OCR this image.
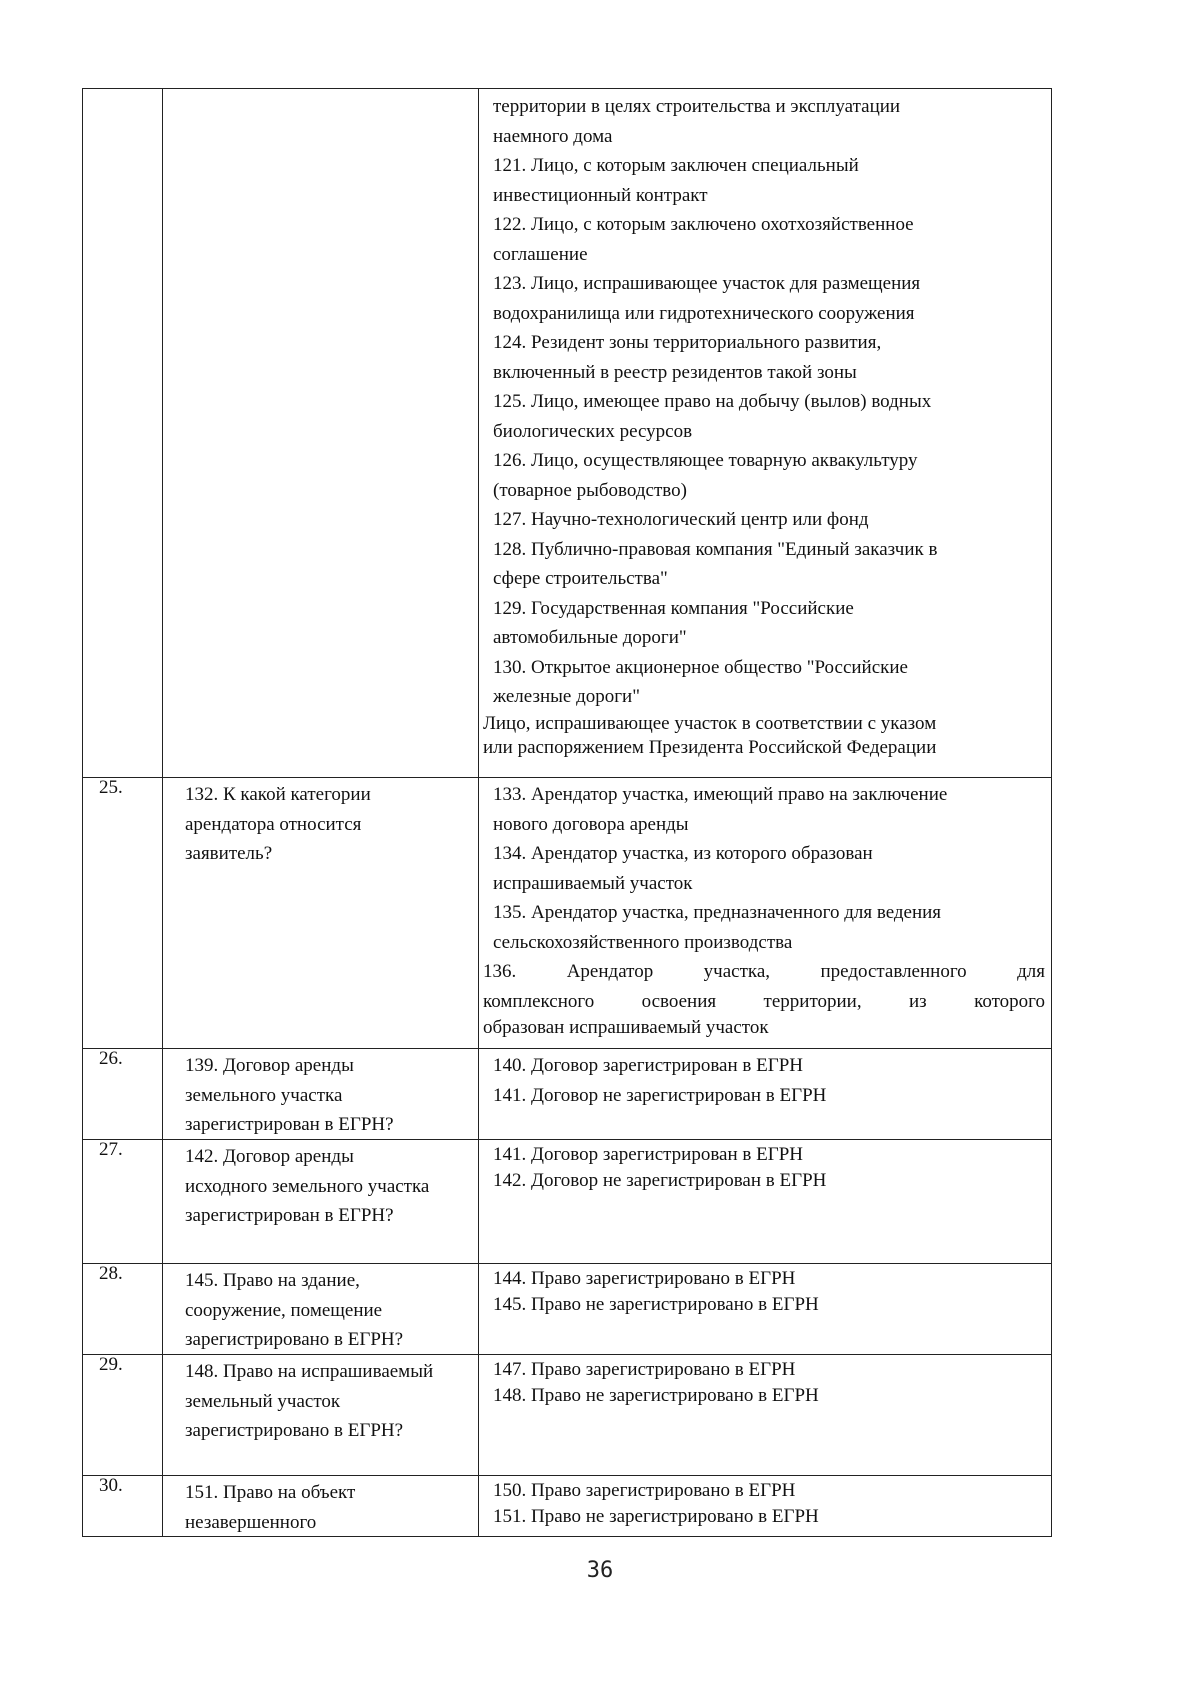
территории в целях строительства и эксплуатации
наемного дома
121. Лицо, с которым заключен специальный
инвестиционный контракт
122. Лицо, с которым заключено охотхозяйственное
соглашение
123. Лицо, испрашивающее участок для размещения
водохранилища или гидротехнического сооружения
124. Резидент зоны территориального развития,
включенный в реестр резидентов такой зоны
125. Лицо, имеющее право на добычу (вылов) водных
биологических ресурсов
126. Лицо, осуществляющее товарную аквакультуру
(товарное рыбоводство)
127. Научно-технологический центр или фонд
128. Публично-правовая компания "Единый заказчик в
сфере строительства"
129. Государственная компания "Российские
автомобильные дороги"
130. Открытое акционерное общество "Российские
железные дороги"
Лицо, испрашивающее участок в соответствии с указом
или распоряжением Президента Российской Федерации
25.	132. К какой категории арендатора относится заявитель?
133. Арендатор участка, имеющий право на заключение
нового договора аренды
134. Арендатор участка, из которого образован
испрашиваемый участок
135. Арендатор участка, предназначенного для ведения
сельскохозяйственного производства
136. Арендатор участка, предоставленного для
комплексного освоения территории, из которого
образован испрашиваемый участок
26.	139. Договор аренды земельного участка зарегистрирован в ЕГРН?
140. Договор зарегистрирован в ЕГРН
141. Договор не зарегистрирован в ЕГРН
27.	142. Договор аренды исходного земельного участка зарегистрирован в ЕГРН?
141. Договор зарегистрирован в ЕГРН
142. Договор не зарегистрирован в ЕГРН
28.	145. Право на здание, сооружение, помещение зарегистрировано в ЕГРН?
144. Право зарегистрировано в ЕГРН
145. Право не зарегистрировано в ЕГРН
29.	148. Право на испрашиваемый земельный участок зарегистрировано в ЕГРН?
147. Право зарегистрировано в ЕГРН
148. Право не зарегистрировано в ЕГРН
30.	151. Право на объект незавершенного
150. Право зарегистрировано в ЕГРН
151. Право не зарегистрировано в ЕГРН
36
